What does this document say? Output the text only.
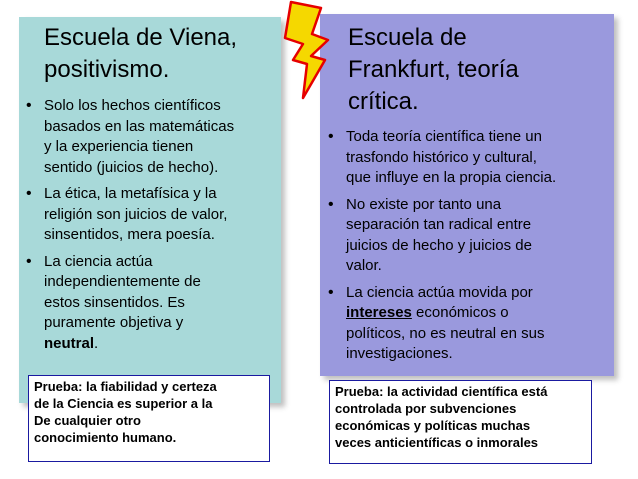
Escuela de Viena,
positivismo.
• Solo los hechos científicos
basados en las matemáticas
y la experiencia tienen
sentido (juicios de hecho).
• La ética, la metafísica y la
religión son juicios de valor,
sinsentidos, mera poesía.
• La ciencia actúa
independientemente de
estos sinsentidos. Es
puramente objetiva y
neutral.
Escuela de
Frankfurt, teoría
crítica.
• Toda teoría científica tiene un
trasfondo histórico y cultural,
que influye en la propia ciencia.
• No existe por tanto una
separación tan radical entre
juicios de hecho y juicios de
valor.
• La ciencia actúa movida por
intereses económicos o
políticos, no es neutral en sus
investigaciones.
Prueba: la fiabilidad y certeza
de la Ciencia es superior a la
De cualquier otro
conocimiento humano.
Prueba: la actividad científica está
controlada por subvenciones
económicas y políticas muchas
veces anticientíficas o inmorales
